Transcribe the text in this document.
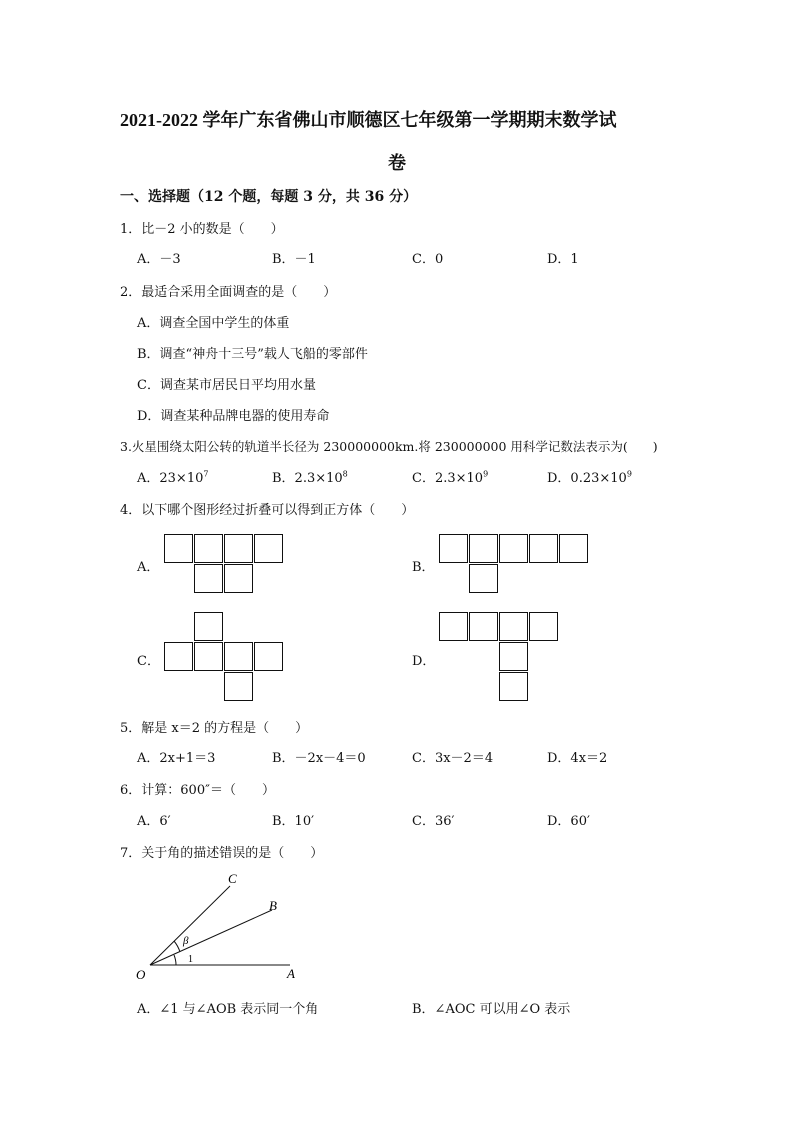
2021-2022 学年广东省佛山市顺德区七年级第一学期期末数学试
卷
一、选择题（12 个题，每题 3 分，共 36 分）
1．比－2 小的数是（　　）
A．－3	B．－1	C．0	D．1
2．最适合采用全面调查的是（　　）
A．调查全国中学生的体重
B．调查“神舟十三号”载人飞船的零部件
C．调查某市居民日平均用水量
D．调查某种品牌电器的使用寿命
3.火星围绕太阳公转的轨道半长径为 230000000km.将 230000000 用科学记数法表示为(　　)
A．$23\times 10^7$	B．$2.3\times 10^8$	C．$2.3\times 10^9$	D．$0.23\times 10^9$
4．以下哪个图形经过折叠可以得到正方体（　　）
A．	B．
C．	D．
5．解是 x＝2 的方程是（　　）
A．2x+1＝3	B．－2x－4＝0	C．3x－2＝4	D．4x＝2
6．计算：600″＝（　　）
A．6′	B．10′	C．36′	D．60′
7．关于角的描述错误的是（　　）
C
B
O	A
β
1
A．∠1 与∠AOB 表示同一个角	B．∠AOC 可以用∠O 表示
